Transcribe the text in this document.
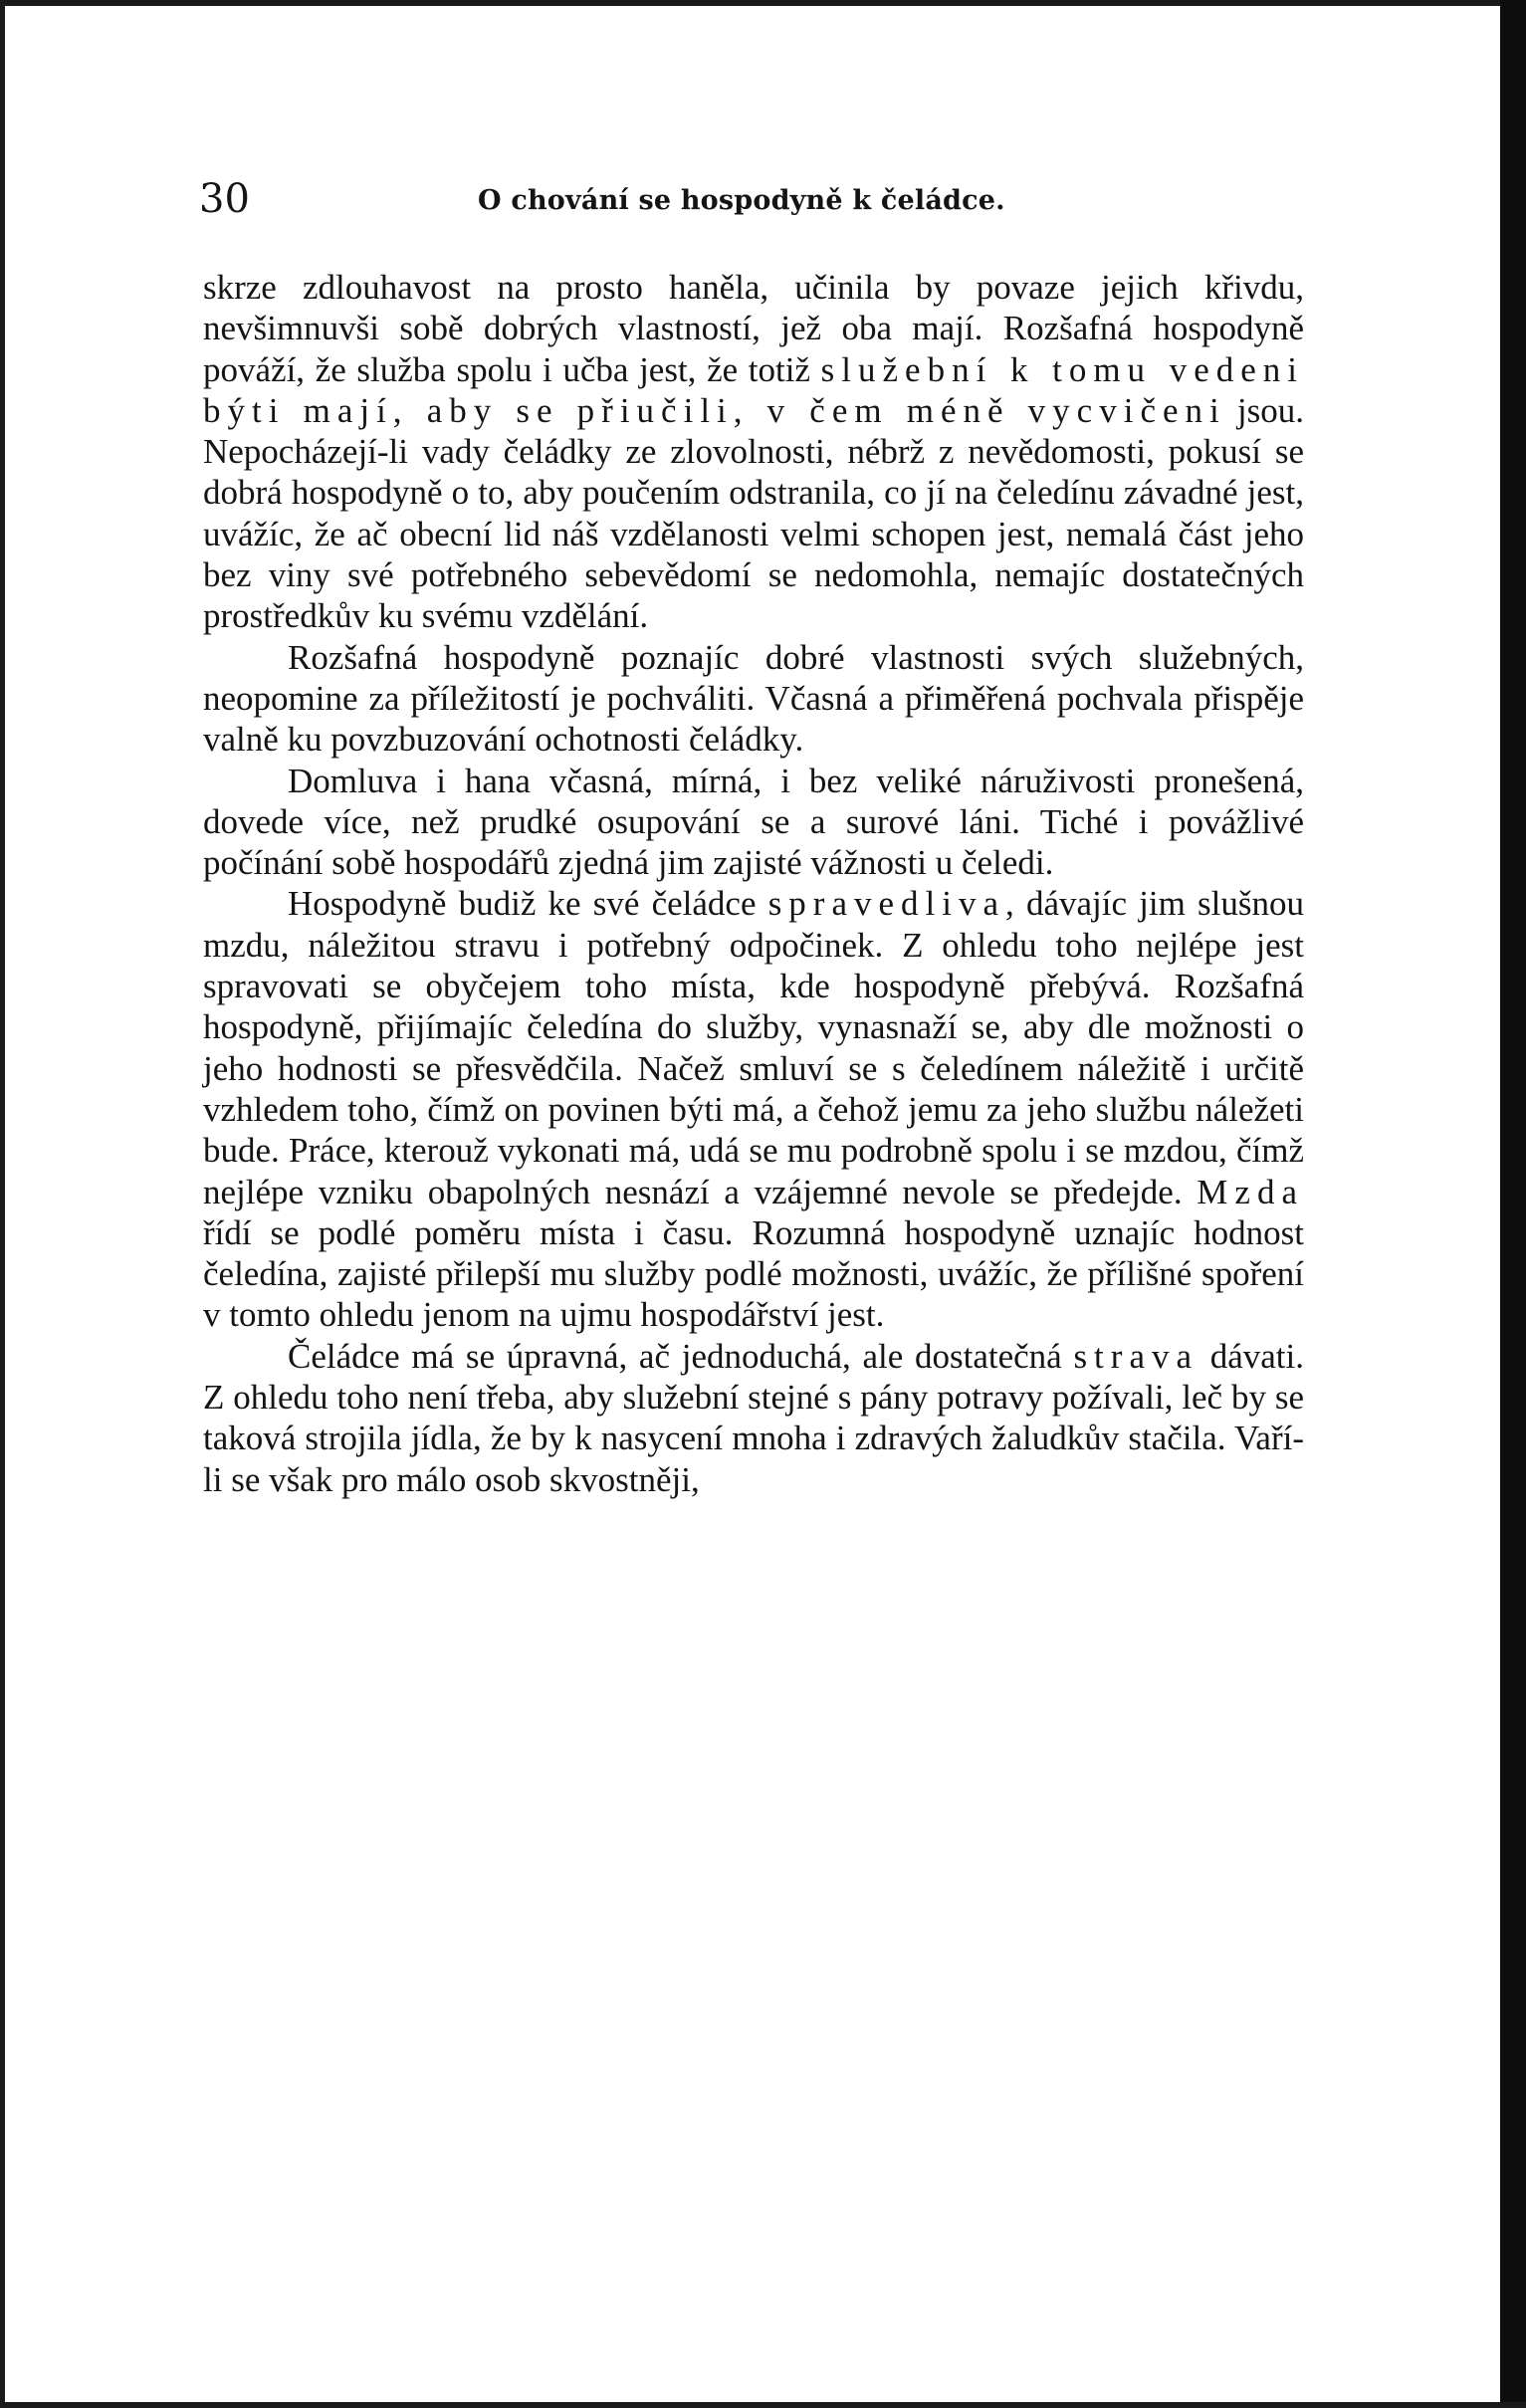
30	O chování se hospodyně k čeládce.

skrze zdlouhavost na prosto haněla, učinila by povaze jejich křivdu, nevšimnuvši sobě dobrých vlastností, jež oba mají. Rozšafná hospodyně pováží, že služba spolu i učba jest, že totiž služební k tomu vedeni býti mají, aby se přiučili, v čem méně vycvičeni jsou. Nepocházejí-li vady čeládky ze zlovolnosti, nébrž z nevědomosti, pokusí se dobrá hospodyně o to, aby poučením odstranila, co jí na čeledínu závadné jest, uvážíc, že ač obecní lid náš vzdělanosti velmi schopen jest, nemalá část jeho bez viny své potřebného sebevědomí se nedomohla, nemajíc dostatečných prostředkův ku svému vzdělání.

Rozšafná hospodyně poznajíc dobré vlastnosti svých služebných, neopomine za příležitostí je pochváliti. Včasná a přiměřená pochvala přispěje valně ku povzbuzování ochotnosti čeládky.

Domluva i hana včasná, mírná, i bez veliké náruživosti pronešená, dovede více, než prudké osupování se a surové láni. Tiché i povážlivé počínání sobě hospodářů zjedná jim zajisté vážnosti u čeledi.

Hospodyně budiž ke své čeládce spravedliva, dávajíc jim slušnou mzdu, náležitou stravu i potřebný odpočinek. Z ohledu toho nejlépe jest spravovati se obyčejem toho místa, kde hospodyně přebývá. Rozšafná hospodyně, přijímajíc čeledína do služby, vynasnaží se, aby dle možnosti o jeho hodnosti se přesvědčila. Načež smluví se s čeledínem náležitě i určitě vzhledem toho, čímž on povinen býti má, a čehož jemu za jeho službu náležeti bude. Práce, kterouž vykonati má, udá se mu podrobně spolu i se mzdou, čímž nejlépe vzniku obapolných nesnází a vzájemné nevole se předejde. Mzda řídí se podlé poměru místa i času. Rozumná hospodyně uznajíc hodnost čeledína, zajisté přilepší mu služby podlé možnosti, uvážíc, že přílišné spoření v tomto ohledu jenom na ujmu hospodářství jest.

Čeládce má se úpravná, ač jednoduchá, ale dostatečná strava dávati. Z ohledu toho není třeba, aby služební stejné s pány potravy požívali, leč by se taková strojila jídla, že by k nasycení mnoha i zdravých žaludkův stačila. Vaří-li se však pro málo osob skvostněji,
